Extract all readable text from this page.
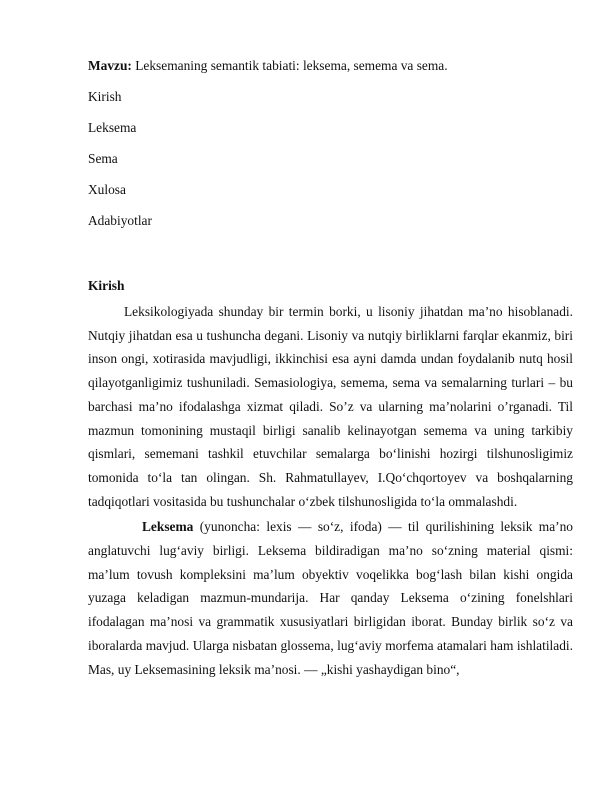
Mavzu: Leksemaning semantik tabiati: leksema, semema va sema.

Kirish

Leksema

Sema

Xulosa

Adabiyotlar

Kirish

Leksikologiyada shunday bir termin borki, u lisoniy jihatdan ma’no hisoblanadi. Nutqiy jihatdan esa u tushuncha degani. Lisoniy va nutqiy birliklarni farqlar ekanmiz, biri inson ongi, xotirasida mavjudligi, ikkinchisi esa ayni damda undan foydalanib nutq hosil qilayotganligimiz tushuniladi. Semasiologiya, semema, sema va semalarning turlari – bu barchasi ma’no ifodalashga xizmat qiladi. So’z va ularning ma’nolarini o’rganadi. Til mazmun tomonining mustaqil birligi sanalib kelinayotgan semema va uning tarkibiy qismlari, sememani tashkil etuvchilar semalarga bo‘linishi hozirgi tilshunosligimiz tomonida to‘la tan olingan. Sh. Rahmatullayev, I.Qo‘chqortoyev va boshqalarning tadqiqotlari vositasida bu tushunchalar o‘zbek tilshunosligida to‘la ommalashdi.

Leksema (yunoncha: lexis — so‘z, ifoda) — til qurilishining leksik ma’no anglatuvchi lug‘aviy birligi. Leksema bildiradigan ma’no so‘zning material qismi: ma’lum tovush kompleksini ma’lum obyektiv voqelikka bog‘lash bilan kishi ongida yuzaga keladigan mazmun-mundarija. Har qanday Leksema o‘zining fonelshlari ifodalagan ma’nosi va grammatik xususiyatlari birligidan iborat. Bunday birlik so‘z va iboralarda mavjud. Ularga nisbatan glossema, lug‘aviy morfema atamalari ham ishlatiladi. Mas, uy Leksemasining leksik ma’nosi. — „kishi yashaydigan bino“,
